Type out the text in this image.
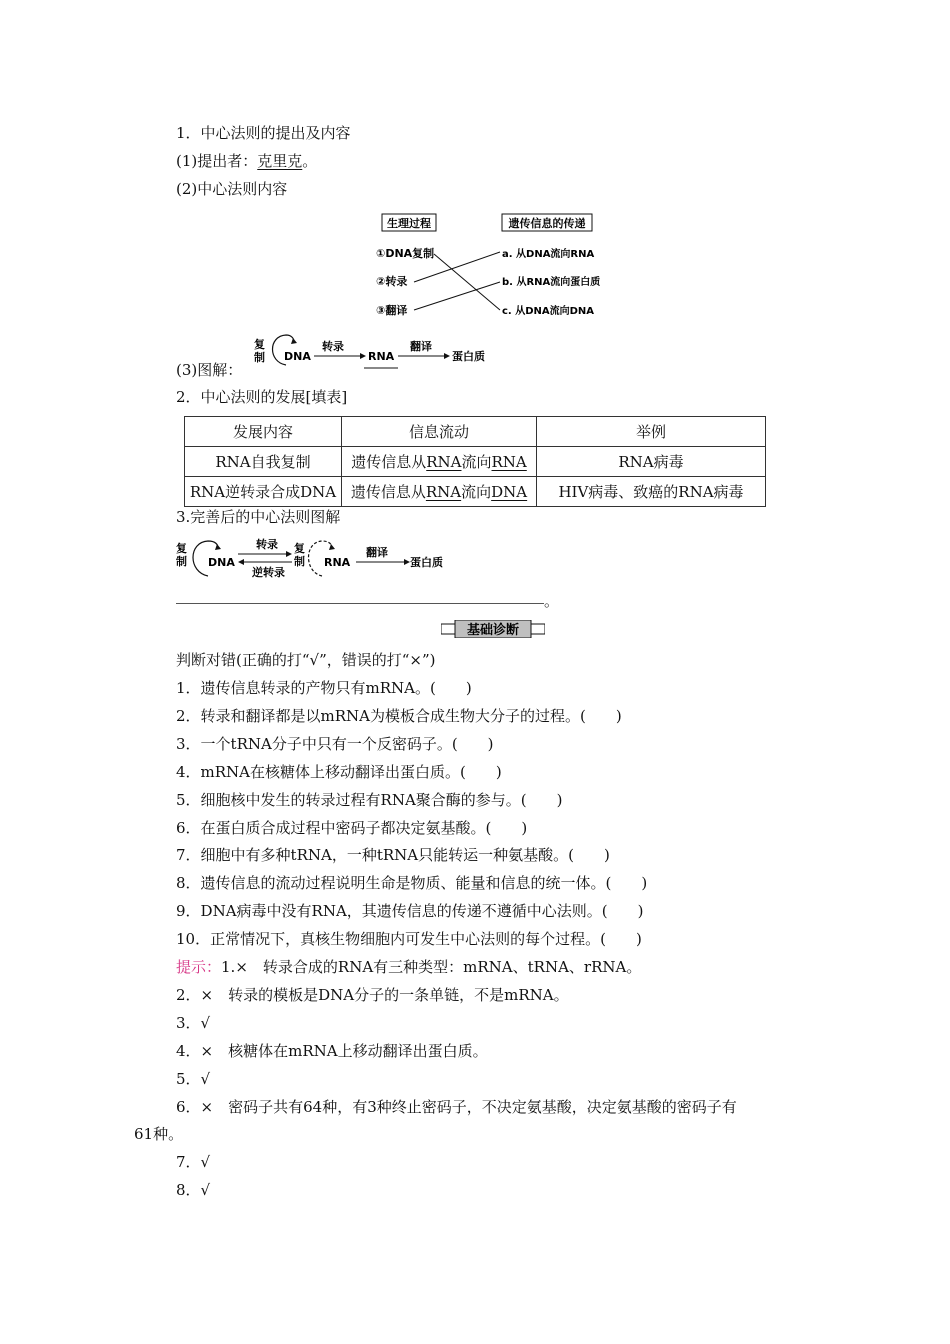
1．中心法则的提出及内容
(1)提出者：克里克。
(2)中心法则内容
生理过程	遗传信息的传递
①DNA复制
②转录
③翻译
a. 从DNA流向RNA
b. 从RNA流向蛋白质
c. 从DNA流向DNA
(3)图解：
复
制 DNA
转录
RNA
翻译
蛋白质
2．中心法则的发展[填表]
发展内容	信息流动	举例
RNA自我复制	遗传信息从RNA流向RNA	RNA病毒
RNA逆转录合成DNA	遗传信息从RNA流向DNA	HIV病毒、致癌的RNA病毒
3.完善后的中心法则图解
复
制 DNA
转录
逆转录
复
制 RNA
翻译
蛋白质
。
基础诊断
判断对错(正确的打“√”，错误的打“×”)
1．遗传信息转录的产物只有mRNA。(　　)
2．转录和翻译都是以mRNA为模板合成生物大分子的过程。(　　)
3．一个tRNA分子中只有一个反密码子。(　　)
4．mRNA在核糖体上移动翻译出蛋白质。(　　)
5．细胞核中发生的转录过程有RNA聚合酶的参与。(　　)
6．在蛋白质合成过程中密码子都决定氨基酸。(　　)
7．细胞中有多种tRNA，一种tRNA只能转运一种氨基酸。(　　)
8．遗传信息的流动过程说明生命是物质、能量和信息的统一体。(　　)
9．DNA病毒中没有RNA，其遗传信息的传递不遵循中心法则。(　　)
10．正常情况下，真核生物细胞内可发生中心法则的每个过程。(　　)
提示：1.×　转录合成的RNA有三种类型：mRNA、tRNA、rRNA。
2．×　转录的模板是DNA分子的一条单链，不是mRNA。
3．√
4．×　核糖体在mRNA上移动翻译出蛋白质。
5．√
6．×　密码子共有64种，有3种终止密码子，不决定氨基酸，决定氨基酸的密码子有
61种。
7．√
8．√
